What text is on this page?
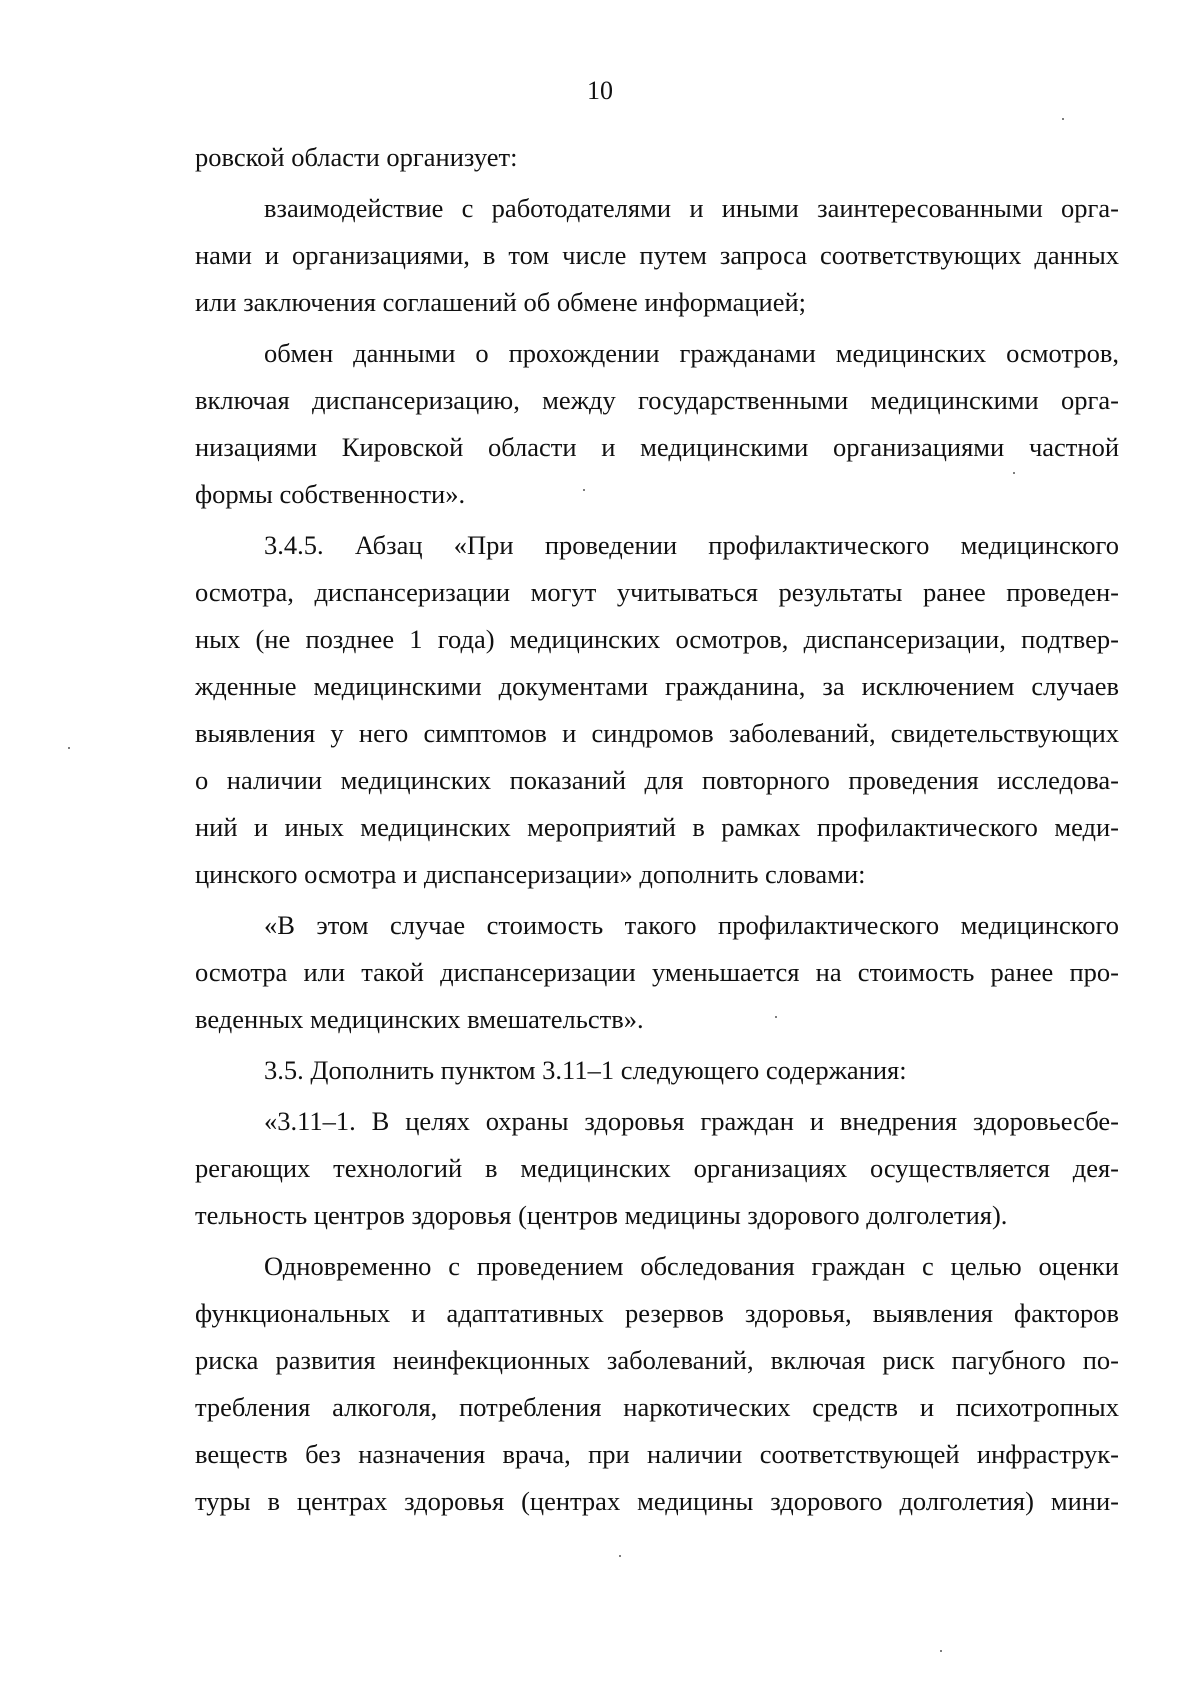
10

ровской области организует:

взаимодействие с работодателями и иными заинтересованными орга-

нами и организациями, в том числе путем запроса соответствующих данных

или заключения соглашений об обмене информацией;

обмен данными о прохождении гражданами медицинских осмотров,

включая диспансеризацию, между государственными медицинскими орга-

низациями Кировской области и медицинскими организациями частной

формы собственности».

3.4.5. Абзац «При проведении профилактического медицинского

осмотра, диспансеризации могут учитываться результаты ранее проведен-

ных (не позднее 1 года) медицинских осмотров, диспансеризации, подтвер-

жденные медицинскими документами гражданина, за исключением случаев

выявления у него симптомов и синдромов заболеваний, свидетельствующих

о наличии медицинских показаний для повторного проведения исследова-

ний и иных медицинских мероприятий в рамках профилактического меди-

цинского осмотра и диспансеризации» дополнить словами:

«В этом случае стоимость такого профилактического медицинского

осмотра или такой диспансеризации уменьшается на стоимость ранее про-

веденных медицинских вмешательств».

3.5. Дополнить пунктом 3.11–1 следующего содержания:

«3.11–1. В целях охраны здоровья граждан и внедрения здоровьесбе-

регающих технологий в медицинских организациях осуществляется дея-

тельность центров здоровья (центров медицины здорового долголетия).

Одновременно с проведением обследования граждан с целью оценки

функциональных и адаптативных резервов здоровья, выявления факторов

риска развития неинфекционных заболеваний, включая риск пагубного по-

требления алкоголя, потребления наркотических средств и психотропных

веществ без назначения врача, при наличии соответствующей инфраструк-

туры в центрах здоровья (центрах медицины здорового долголетия) мини-
